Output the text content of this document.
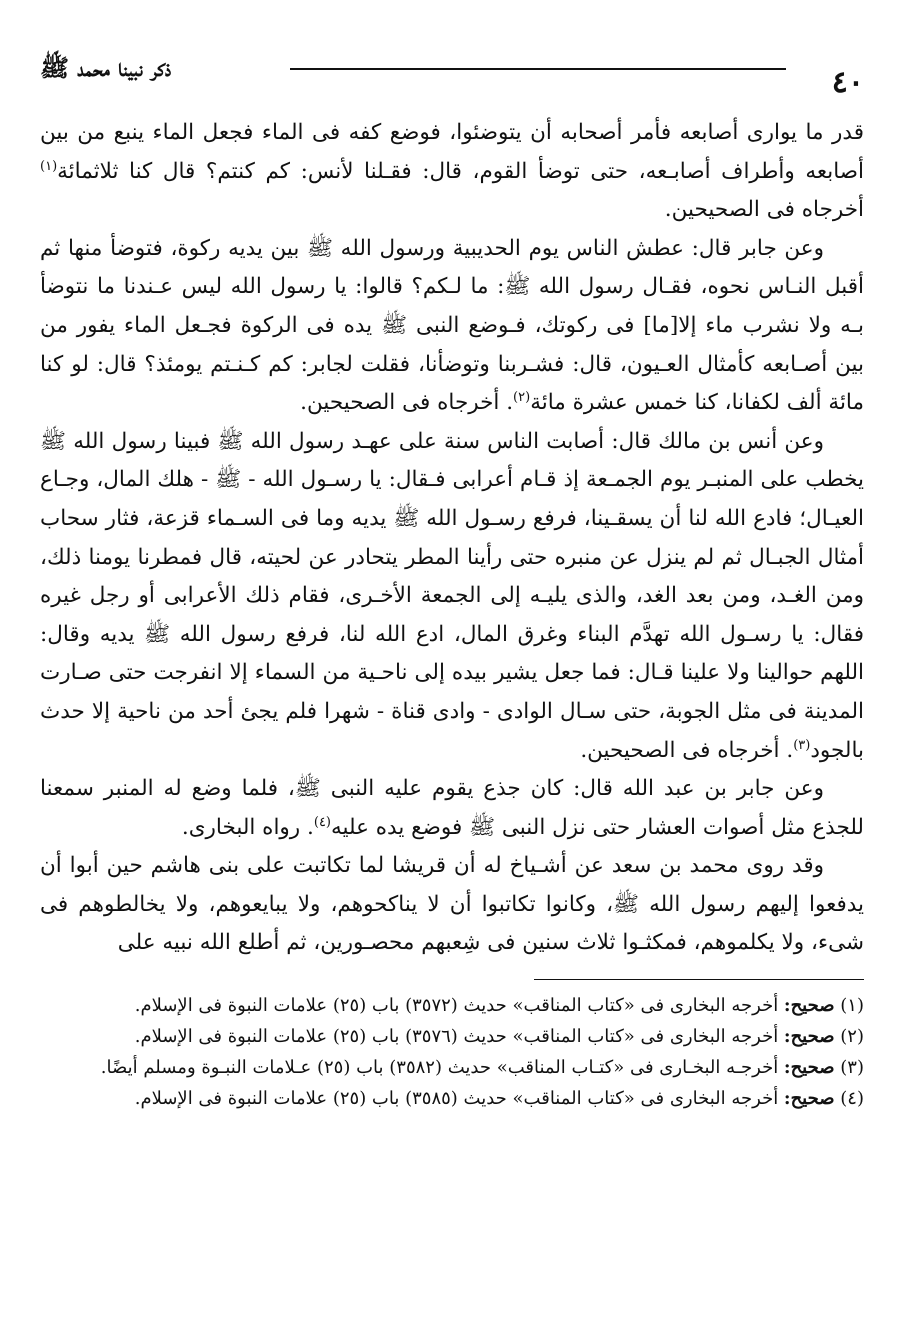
٤٠
ذكر نبينا محمد ﷺ

قدر ما يوارى أصابعه فأمر أصحابه أن يتوضئوا، فوضع كفه فى الماء فجعل الماء ينبع من بين أصابعه وأطراف أصابـعه، حتى توضأ القوم، قال: فقـلنا لأنس: كم كنتم؟ قال كنا ثلاثمائة$^{(١)}$ أخرجاه فى الصحيحين.

وعن جابر قال: عطش الناس يوم الحديبية ورسول الله ﷺ بين يديه ركوة، فتوضأ منها ثم أقبل النـاس نحوه، فقـال رسول الله ﷺ: ما لـكم؟ قالوا: يا رسول الله ليس عـندنا ما نتوضأ بـه ولا نشرب ماء إلا[ما] فى ركوتك، فـوضع النبى ﷺ يده فى الركوة فجـعل الماء يفور من بين أصـابعه كأمثال العـيون، قال: فشـربنا وتوضأنا، فقلت لجابر: كم كـنـتم يومئذ؟ قال: لو كنا مائة ألف لكفانا، كنا خمس عشرة مائة$^{(٢)}$. أخرجاه فى الصحيحين.

وعن أنس بن مالك قال: أصابت الناس سنة على عهـد رسول الله ﷺ فبينا رسول الله ﷺ يخطب على المنبـر يوم الجمـعة إذ قـام أعرابى فـقال: يا رسـول الله - ﷺ - هلك المال، وجـاع العيـال؛ فادع الله لنا أن يسقـينا، فرفع رسـول الله ﷺ يديه وما فى السـماء قزعة، فثار سحاب أمثال الجبـال ثم لم ينزل عن منبره حتى رأينا المطر يتحادر عن لحيته، قال فمطرنا يومنا ذلك، ومن الغـد، ومن بعد الغد، والذى يليـه إلى الجمعة الأخـرى، فقام ذلك الأعرابى أو رجل غيره فقال: يا رسـول الله تهدَّم البناء وغرق المال، ادع الله لنا، فرفع رسول الله ﷺ يديه وقال: اللهم حوالينا ولا علينا قـال: فما جعل يشير بيده إلى ناحـية من السماء إلا انفرجت حتى صـارت المدينة فى مثل الجوبة، حتى سـال الوادى - وادى قناة - شهرا فلم يجئ أحد من ناحية إلا حدث بالجود$^{(٣)}$. أخرجاه فى الصحيحين.

وعن جابر بن عبد الله قال: كان جذع يقوم عليه النبى ﷺ، فلما وضع له المنبر سمعنا للجذع مثل أصوات العشار حتى نزل النبى ﷺ فوضع يده عليه$^{(٤)}$. رواه البخارى.

وقد روى محمد بن سعد عن أشـياخ له أن قريشا لما تكاتبت على بنى هاشم حين أبوا أن يدفعوا إليهم رسول الله ﷺ، وكانوا تكاتبوا أن لا يناكحوهم، ولا يبايعوهم، ولا يخالطوهم فى شىء، ولا يكلموهم، فمكثـوا ثلاث سنين فى شِعبهم محصـورين، ثم أطلع الله نبيه على

(١) صحيح: أخرجه البخارى فى «كتاب المناقب» حديث (٣٥٧٢) باب (٢٥) علامات النبوة فى الإسلام.

(٢) صحيح: أخرجه البخارى فى «كتاب المناقب» حديث (٣٥٧٦) باب (٢٥) علامات النبوة فى الإسلام.

(٣) صحيح: أخرجـه البخـارى فى «كتـاب المناقب» حديث (٣٥٨٢) باب (٢٥) عـلامات النبـوة ومسلم أيضًا.

(٤) صحيح: أخرجه البخارى فى «كتاب المناقب» حديث (٣٥٨٥) باب (٢٥) علامات النبوة فى الإسلام.
